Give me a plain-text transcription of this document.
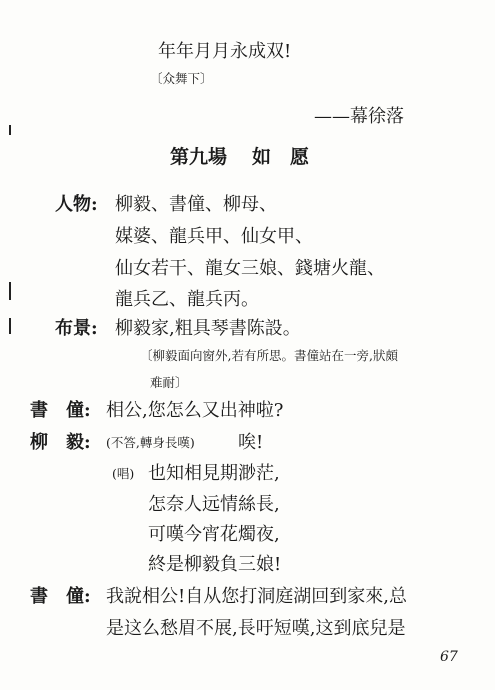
年年月月永成双!
〔众舞下〕
——幕徐落
第九場 如　愿
人物: 柳毅、書僮、柳母、
媒婆、龍兵甲、仙女甲、
仙女若干、龍女三娘、錢塘火龍、
龍兵乙、龍兵丙。
布景: 柳毅家,粗具琴書陈設。
〔柳毅面向窗外,若有所思。書僮站在一旁,狀頗
难耐〕
書　僮: 相公,您怎么又出神啦?
柳　毅: (不答,轉身長嘆) 唉!
(唱) 也知相見期渺茫,
怎奈人远情絲長,
可嘆今宵花燭夜,
終是柳毅負三娘!
書　僮: 我說相公!自从您打洞庭湖回到家來,总
是这么愁眉不展,長吁短嘆,这到底兒是
67
